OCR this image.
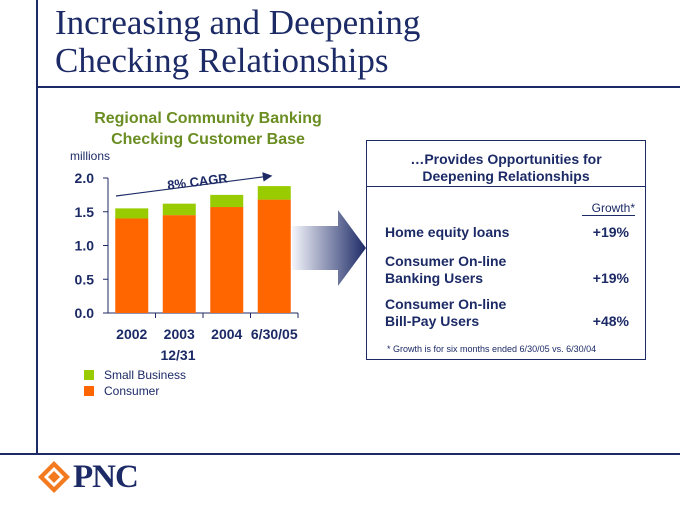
Increasing and Deepening
Checking Relationships
Regional Community Banking
Checking Customer Base
millions
0.0
0.5
1.0
1.5
2.0
2002 2003 2004 6/30/05
12/31
8% CAGR
Small Business
Consumer
…Provides Opportunities for
Deepening Relationships
Growth*
Home equity loans	+19%
Consumer On-line
Banking Users	+19%
Consumer On-line
Bill-Pay Users	+48%
* Growth is for six months ended 6/30/05 vs. 6/30/04
PNC
